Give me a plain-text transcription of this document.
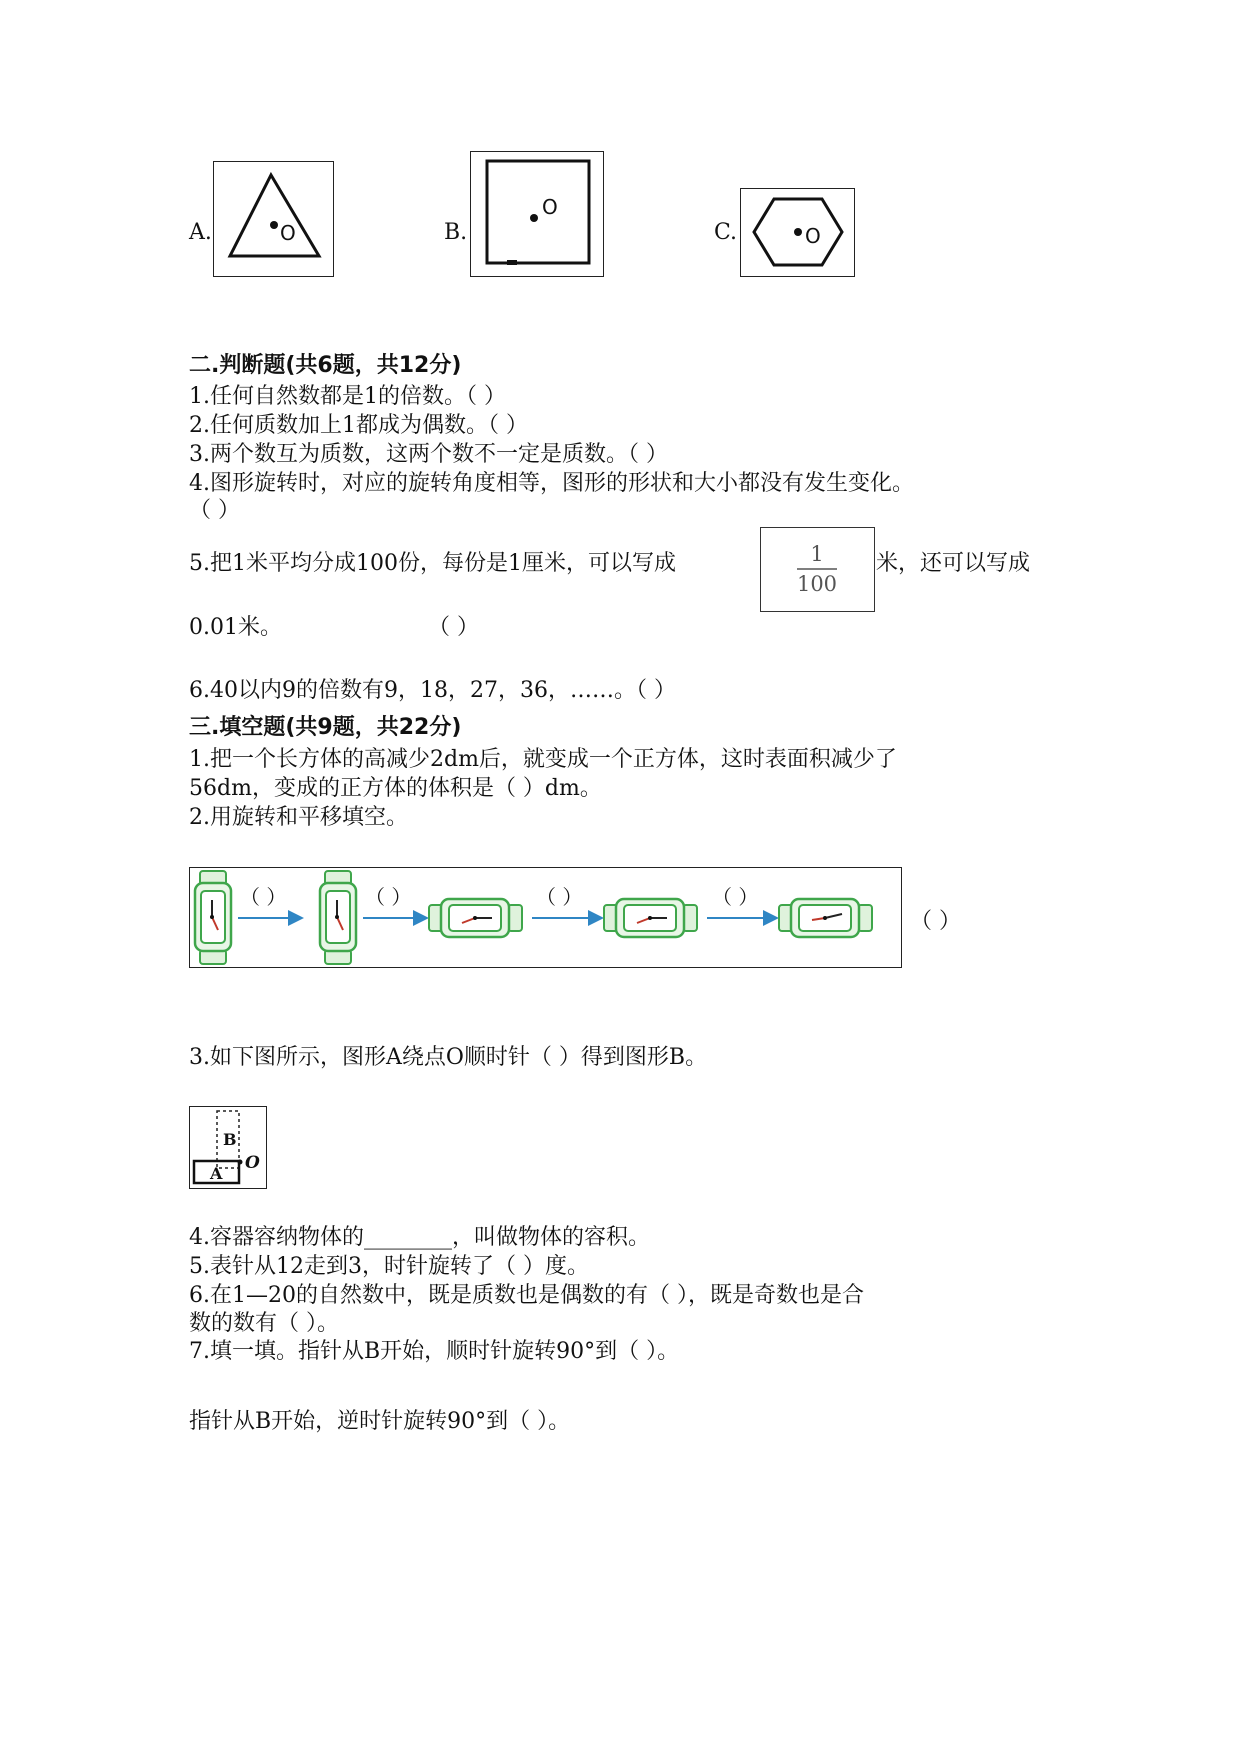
A.	O	B.
O
C.	O
二.判断题(共6题，共12分)
1.任何自然数都是1的倍数。（ ）
2.任何质数加上1都成为偶数。（ ）
3.两个数互为质数，这两个数不一定是质数。（ ）
4.图形旋转时，对应的旋转角度相等，图形的形状和大小都没有发生变化。
（ ）
5.把1米平均分成100份，每份是1厘米，可以写成	1
100
米，还可以写成
0.01米。	（ ）
6.40以内9的倍数有9，18，27，36，……。（ ）
三.填空题(共9题，共22分)
1.把一个长方体的高减少2dm后，就变成一个正方体，这时表面积减少了
56dm，变成的正方体的体积是（ ）dm。
2.用旋转和平移填空。
（ ）	（ ）	（ ）	（ ）
（ ）
3.如下图所示，图形A绕点O顺时针（ ）得到图形B。
B
A
O
4.容器容纳物体的________，叫做物体的容积。
5.表针从12走到3，时针旋转了（ ）度。
6.在1—20的自然数中，既是质数也是偶数的有（ ），既是奇数也是合
数的数有（ ）。
7.填一填。指针从B开始，顺时针旋转90°到（ ）。
指针从B开始，逆时针旋转90°到（ ）。
